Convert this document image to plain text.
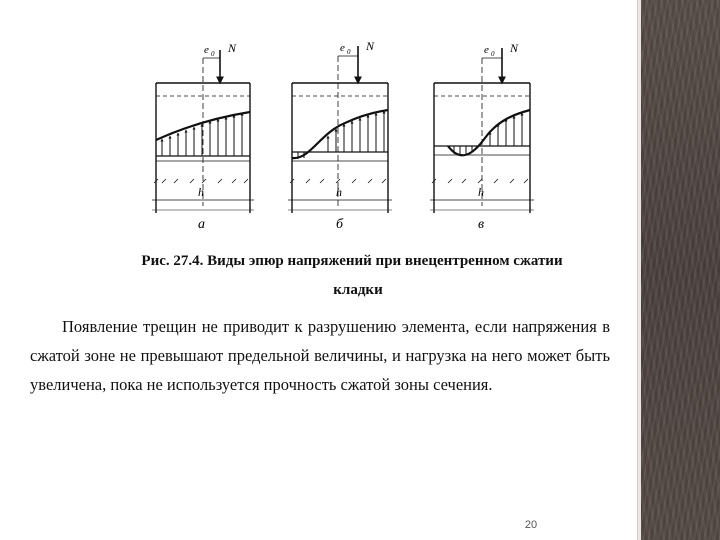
e 0 N
h
a
e 0 N
h
б
e 0 N
h
в
Рис. 27.4. Виды эпюр напряжений при внецентренном сжатии
кладки
Появление трещин не приводит к разрушению элемента, если напряжения в сжатой зоне не превышают предельной величины, и нагрузка на него может быть увеличена, пока не используется прочность сжатой зоны сечения.
20
